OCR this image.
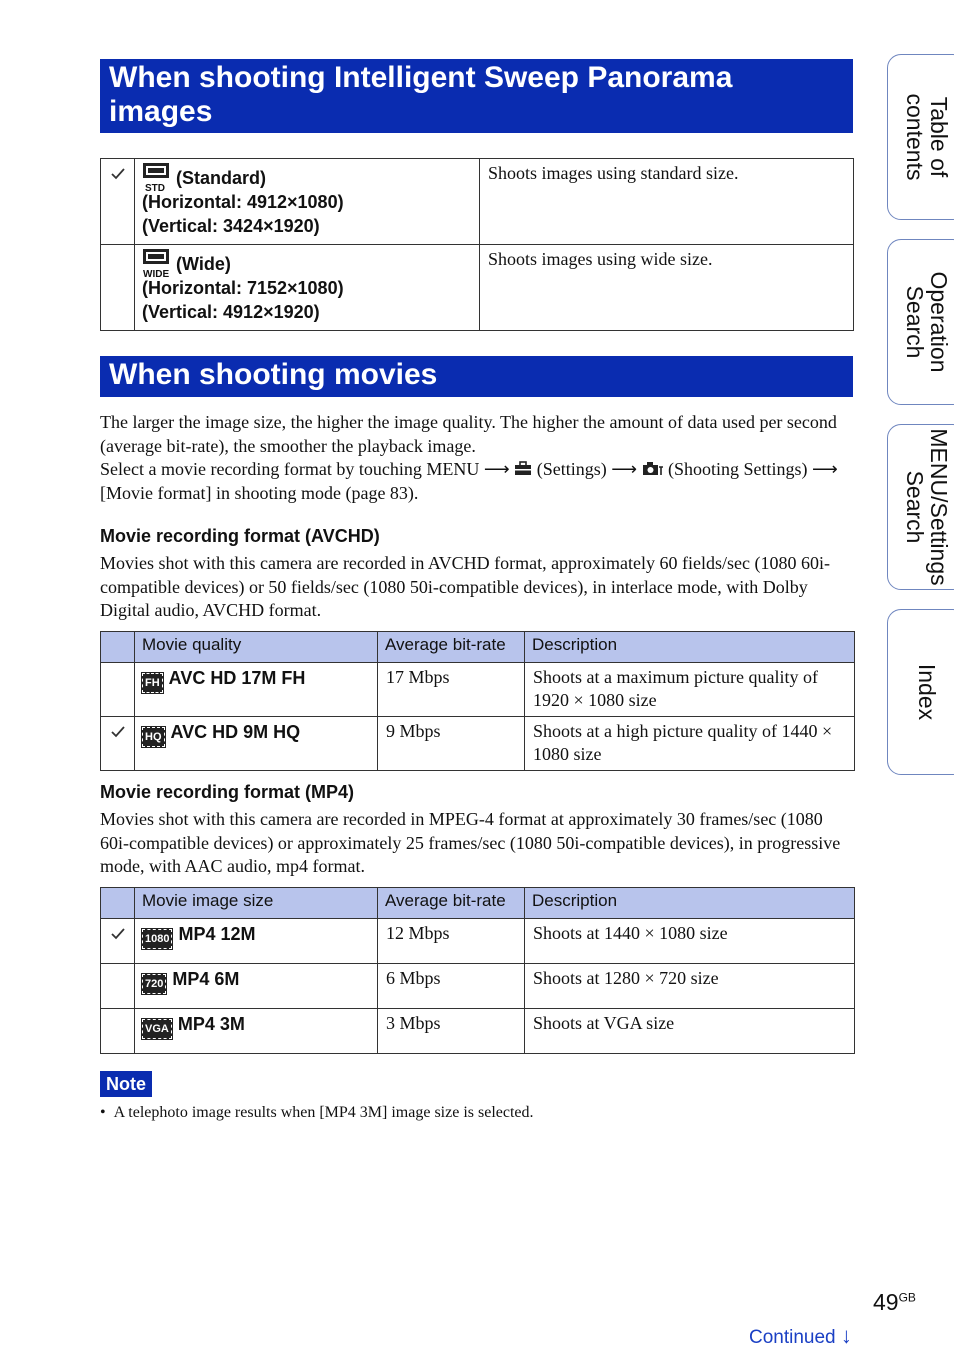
When shooting Intelligent Sweep Panorama images

STD
(Standard)
(Horizontal: 4912×1080)
(Vertical: 3424×1920)	Shoots images using standard size.

	WIDE
(Wide)
(Horizontal: 7152×1080)
(Vertical: 4912×1920)	Shoots images using wide size.
When shooting movies

The larger the image size, the higher the image quality. The higher the amount of data used per second (average bit-rate), the smoother the playback image.

Select a movie recording format by touching MENU ⟶ (Settings) ⟶ (Shooting Settings) ⟶ [Movie format] in shooting mode (page 83).

Movie recording format (AVCHD)

Movies shot with this camera are recorded in AVCHD format, approximately 60 fields/sec (1080 60i-compatible devices) or 50 fields/sec (1080 50i-compatible devices), in interlace mode, with Dolby Digital audio, AVCHD format.

	Movie quality	Average bit-rate	Description
	FH AVC HD 17M FH	17 Mbps	Shoots at a maximum picture quality of 1920 × 1080 size
	HQ AVC HD 9M HQ	9 Mbps	Shoots at a high picture quality of 1440 × 1080 size

Movie recording format (MP4)

Movies shot with this camera are recorded in MPEG-4 format at approximately 30 frames/sec (1080 60i-compatible devices) or approximately 25 frames/sec (1080 50i-compatible devices), in progressive mode, with AAC audio, mp4 format.

	Movie image size	Average bit-rate	Description
	1080 MP4 12M	12 Mbps	Shoots at 1440 × 1080 size
	720 MP4 6M	6 Mbps	Shoots at 1280 × 720 size
	VGA MP4 3M	3 Mbps	Shoots at VGA size
Note
•  A telephoto image results when [MP4 3M] image size is selected.
Table of contents
Operation Search
MENU/Settings Search
Index
$49^{GB}$
Continued ↓
